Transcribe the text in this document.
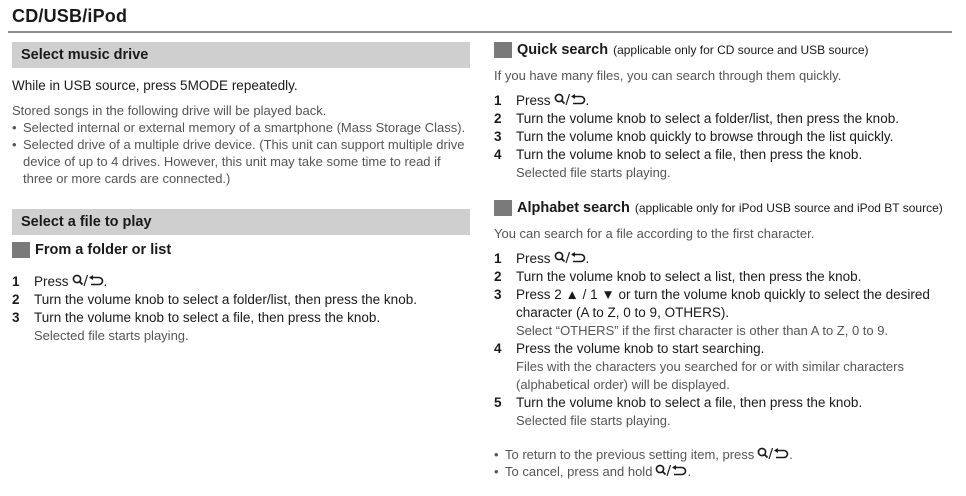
CD/USB/iPod
Select music drive
While in USB source, press 5MODE repeatedly.
Stored songs in the following drive will be played back.
• Selected internal or external memory of a smartphone (Mass Storage Class).
• Selected drive of a multiple drive device. (This unit can support multiple drive device of up to 4 drives. However, this unit may take some time to read if three or more cards are connected.)
Select a file to play
From a folder or list
1	Press	.
2	Turn the volume knob to select a folder/list, then press the knob.
3	Turn the volume knob to select a file, then press the knob.
Selected file starts playing.
Quick search (applicable only for CD source and USB source)
If you have many files, you can search through them quickly.
1	Press	.
2	Turn the volume knob to select a folder/list, then press the knob.
3	Turn the volume knob quickly to browse through the list quickly.
4	Turn the volume knob to select a file, then press the knob.
Selected file starts playing.
Alphabet search (applicable only for iPod USB source and iPod BT source)
You can search for a file according to the first character.
1	Press	.
2	Turn the volume knob to select a list, then press the knob.
3	Press 2 ▲ / 1 ▼ or turn the volume knob quickly to select the desired character (A to Z, 0 to 9, OTHERS).
Select “OTHERS” if the first character is other than A to Z, 0 to 9.
4	Press the volume knob to start searching.
Files with the characters you searched for or with similar characters (alphabetical order) will be displayed.
5	Turn the volume knob to select a file, then press the knob.
Selected file starts playing.
• To return to the previous setting item, press	.
• To cancel, press and hold	.
